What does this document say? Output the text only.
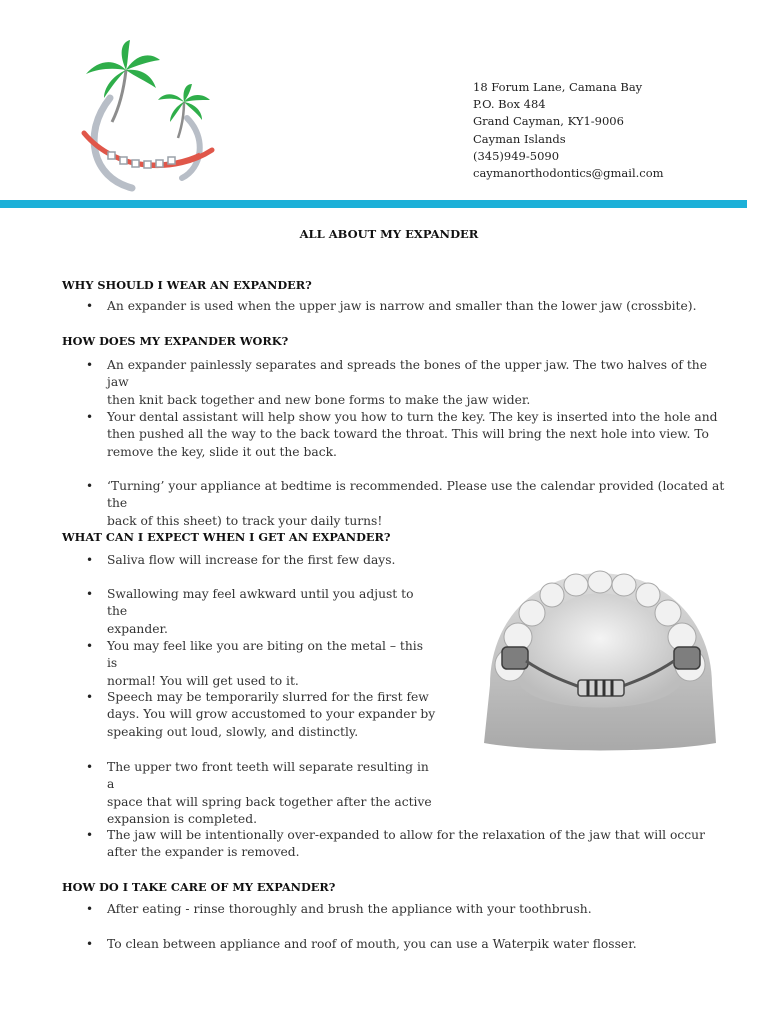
18 Forum Lane, Camana Bay
P.O. Box 484
Grand Cayman, KY1-9006
Cayman Islands
(345)949-5090
caymanorthodontics@gmail.com
ALL ABOUT MY EXPANDER
WHY SHOULD I WEAR AN EXPANDER?
• An expander is used when the upper jaw is narrow and smaller than the lower jaw (crossbite).
HOW DOES MY EXPANDER WORK?
• An expander painlessly separates and spreads the bones of the upper jaw. The two halves of the jaw
then knit back together and new bone forms to make the jaw wider.
• Your dental assistant will help show you how to turn the key. The key is inserted into the hole and
then pushed all the way to the back toward the throat. This will bring the next hole into view. To
remove the key, slide it out the back.
• ‘Turning’ your appliance at bedtime is recommended. Please use the calendar provided (located at the
back of this sheet) to track your daily turns!
WHAT CAN I EXPECT WHEN I GET AN EXPANDER?
• Saliva flow will increase for the first few days.
• Swallowing may feel awkward until you adjust to the
expander.
• You may feel like you are biting on the metal – this is
normal! You will get used to it.
• Speech may be temporarily slurred for the first few
days. You will grow accustomed to your expander by
speaking out loud, slowly, and distinctly.
• The upper two front teeth will separate resulting in a
space that will spring back together after the active
expansion is completed.
• The jaw will be intentionally over-expanded to allow for the relaxation of the jaw that will occur
after the expander is removed.
HOW DO I TAKE CARE OF MY EXPANDER?
• After eating - rinse thoroughly and brush the appliance with your toothbrush.
• To clean between appliance and roof of mouth, you can use a Waterpik water flosser.
